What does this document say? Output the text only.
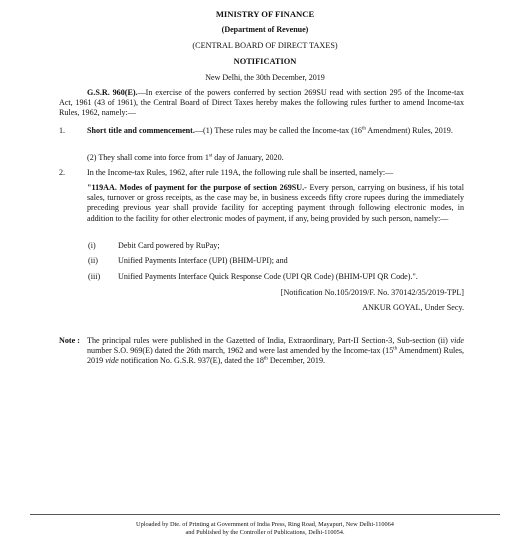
MINISTRY OF FINANCE
(Department of Revenue)
(CENTRAL BOARD OF DIRECT TAXES)
NOTIFICATION
New Delhi, the 30th December, 2019
G.S.R. 960(E).—In exercise of the powers conferred by section 269SU read with section 295 of the Income-tax Act, 1961 (43 of 1961), the Central Board of Direct Taxes hereby makes the following rules further to amend Income-tax Rules, 1962, namely:—
1.	Short title and commencement.—(1) These rules may be called the Income-tax (16th Amendment) Rules, 2019.
(2) They shall come into force from 1st day of January, 2020.
2.	In the Income-tax Rules, 1962, after rule 119A, the following rule shall be inserted, namely:—
"119AA. Modes of payment for the purpose of section 269SU.- Every person, carrying on business, if his total sales, turnover or gross receipts, as the case may be, in business exceeds fifty crore rupees during the immediately preceding previous year shall provide facility for accepting payment through following electronic modes, in addition to the facility for other electronic modes of payment, if any, being provided by such person, namely:—
(i)	Debit Card powered by RuPay;
(ii) Unified Payments Interface (UPI) (BHIM-UPI); and
(iii) Unified Payments Interface Quick Response Code (UPI QR Code) (BHIM-UPI QR Code).".
[Notification No.105/2019/F. No. 370142/35/2019-TPL]
ANKUR GOYAL, Under Secy.
Note : The principal rules were published in the Gazetted of India, Extraordinary, Part-II Section-3, Sub-section (ii) vide number S.O. 969(E) dated the 26th march, 1962 and were last amended by the Income-tax (15th Amendment) Rules, 2019 vide notification No. G.S.R. 937(E), dated the 18th December, 2019.
Uploaded by Dte. of Printing at Government of India Press, Ring Road, Mayapuri, New Delhi-110064
and Published by the Controller of Publications, Delhi-110054.
